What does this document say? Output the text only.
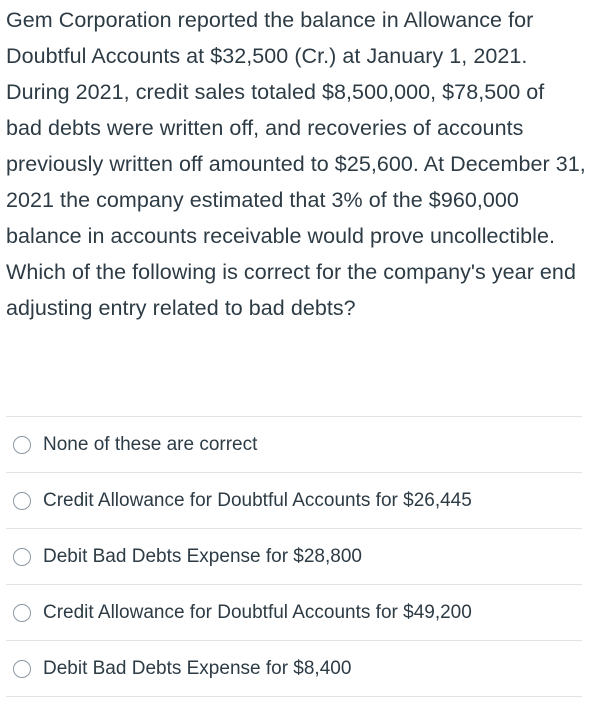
Gem Corporation reported the balance in Allowance for Doubtful Accounts at $32,500 (Cr.) at January 1, 2021. During 2021, credit sales totaled $8,500,000, $78,500 of bad debts were written off, and recoveries of accounts previously written off amounted to $25,600. At December 31, 2021 the company estimated that 3% of the $960,000 balance in accounts receivable would prove uncollectible. Which of the following is correct for the company's year end adjusting entry related to bad debts?
None of these are correct
Credit Allowance for Doubtful Accounts for $26,445
Debit Bad Debts Expense for $28,800
Credit Allowance for Doubtful Accounts for $49,200
Debit Bad Debts Expense for $8,400
